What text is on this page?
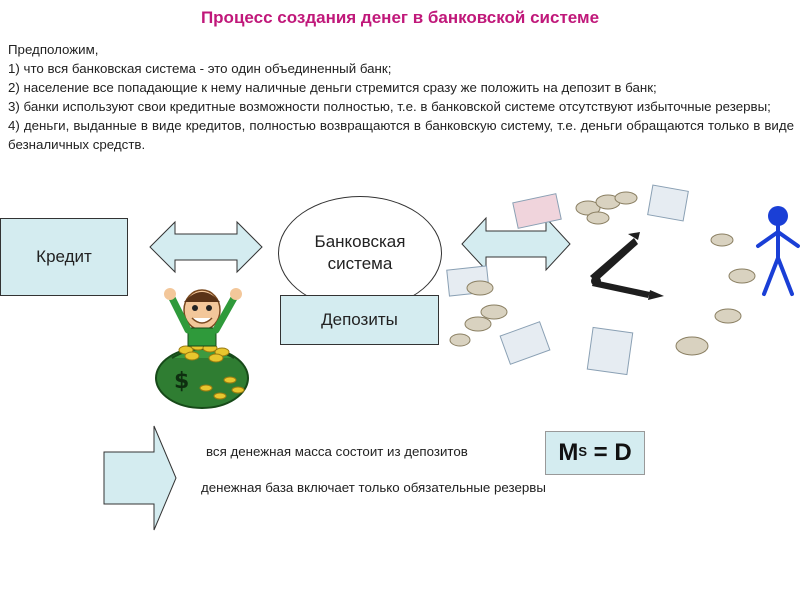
Процесс создания денег в банковской системе

Предположим,

1) что вся банковская система - это один объединенный банк;

2) население все попадающие к нему наличные деньги стремится сразу же положить на депозит в банк;

3) банки используют свои кредитные возможности полностью, т.е. в банковской системе отсутствуют избыточные резервы;

4) деньги, выданные в виде кредитов, полностью возвращаются в банковскую систему, т.е. деньги обращаются только в виде безналичных средств.

Кредит
Банковская система
Депозиты
$
вся денежная масса состоит из депозитов
денежная база включает только обязательные резервы
$M^S = D$
